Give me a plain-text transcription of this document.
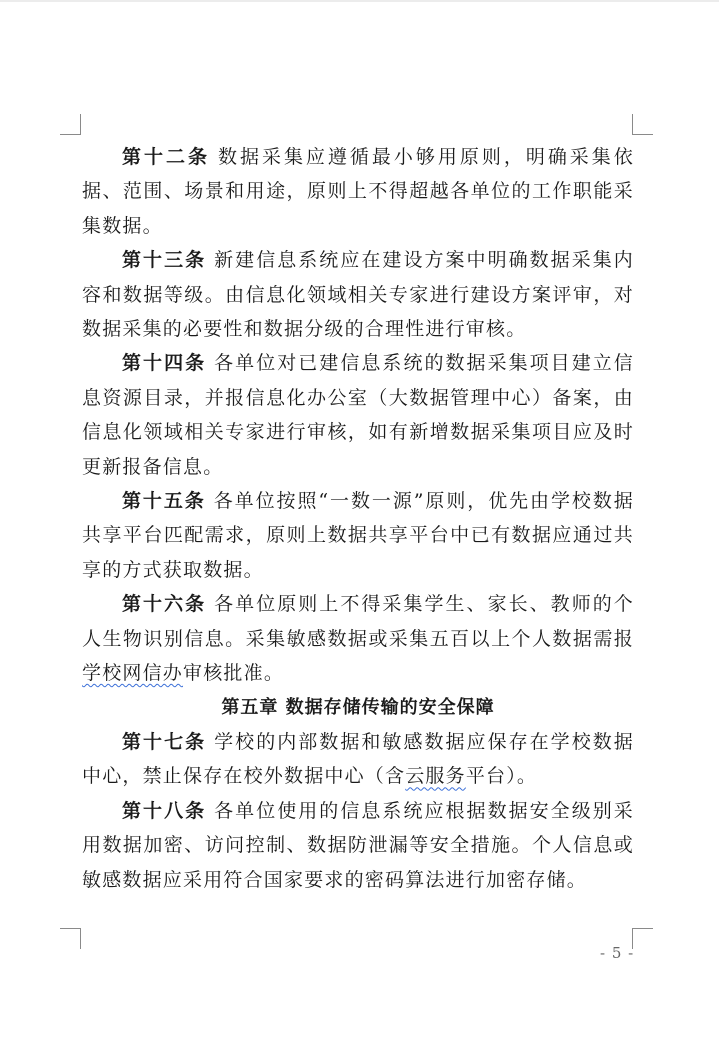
第十二条 数据采集应遵循最小够用原则，明确采集依据、范围、场景和用途，原则上不得超越各单位的工作职能采集数据。

第十三条 新建信息系统应在建设方案中明确数据采集内容和数据等级。由信息化领域相关专家进行建设方案评审，对数据采集的必要性和数据分级的合理性进行审核。

第十四条 各单位对已建信息系统的数据采集项目建立信息资源目录，并报信息化办公室（大数据管理中心）备案，由信息化领域相关专家进行审核，如有新增数据采集项目应及时更新报备信息。

第十五条 各单位按照“一数一源”原则，优先由学校数据共享平台匹配需求，原则上数据共享平台中已有数据应通过共享的方式获取数据。

第十六条 各单位原则上不得采集学生、家长、教师的个人生物识别信息。采集敏感数据或采集五百以上个人数据需报学校网信办审核批准。

第五章 数据存储传输的安全保障

第十七条 学校的内部数据和敏感数据应保存在学校数据中心，禁止保存在校外数据中心（含云服务平台）。

第十八条 各单位使用的信息系统应根据数据安全级别采用数据加密、访问控制、数据防泄漏等安全措施。个人信息或敏感数据应采用符合国家要求的密码算法进行加密存储。

- 5 -
